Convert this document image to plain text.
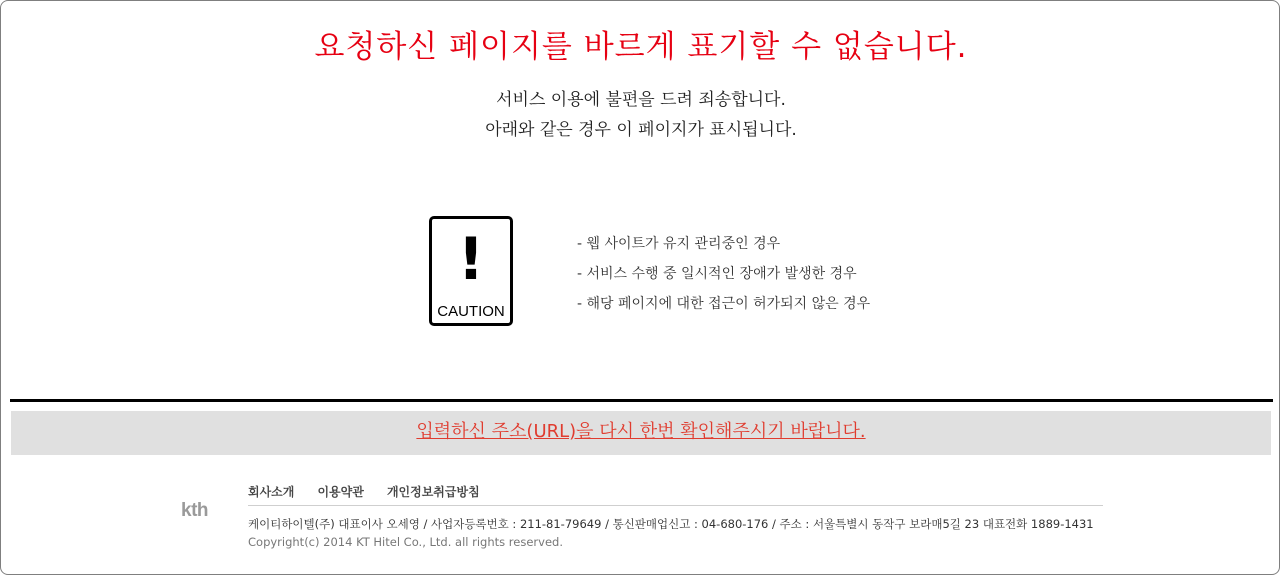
요청하신 페이지를 바르게 표기할 수 없습니다.
서비스 이용에 불편을 드려 죄송합니다.
아래와 같은 경우 이 페이지가 표시됩니다.
!
CAUTION
- 웹 사이트가 유지 관리중인 경우
- 서비스 수행 중 일시적인 장애가 발생한 경우
- 해당 페이지에 대한 접근이 허가되지 않은 경우
입력하신 주소(URL)을 다시 한번 확인해주시기 바랍니다.
kth
회사소개 이용약관 개인정보취급방침
케이티하이텔(주) 대표이사 오세영 / 사업자등록번호 : 211-81-79649 / 통신판매업신고 : 04-680-176 / 주소 : 서울특별시 동작구 보라매5길 23 대표전화 1889-1431
Copyright(c) 2014 KT Hitel Co., Ltd. all rights reserved.
